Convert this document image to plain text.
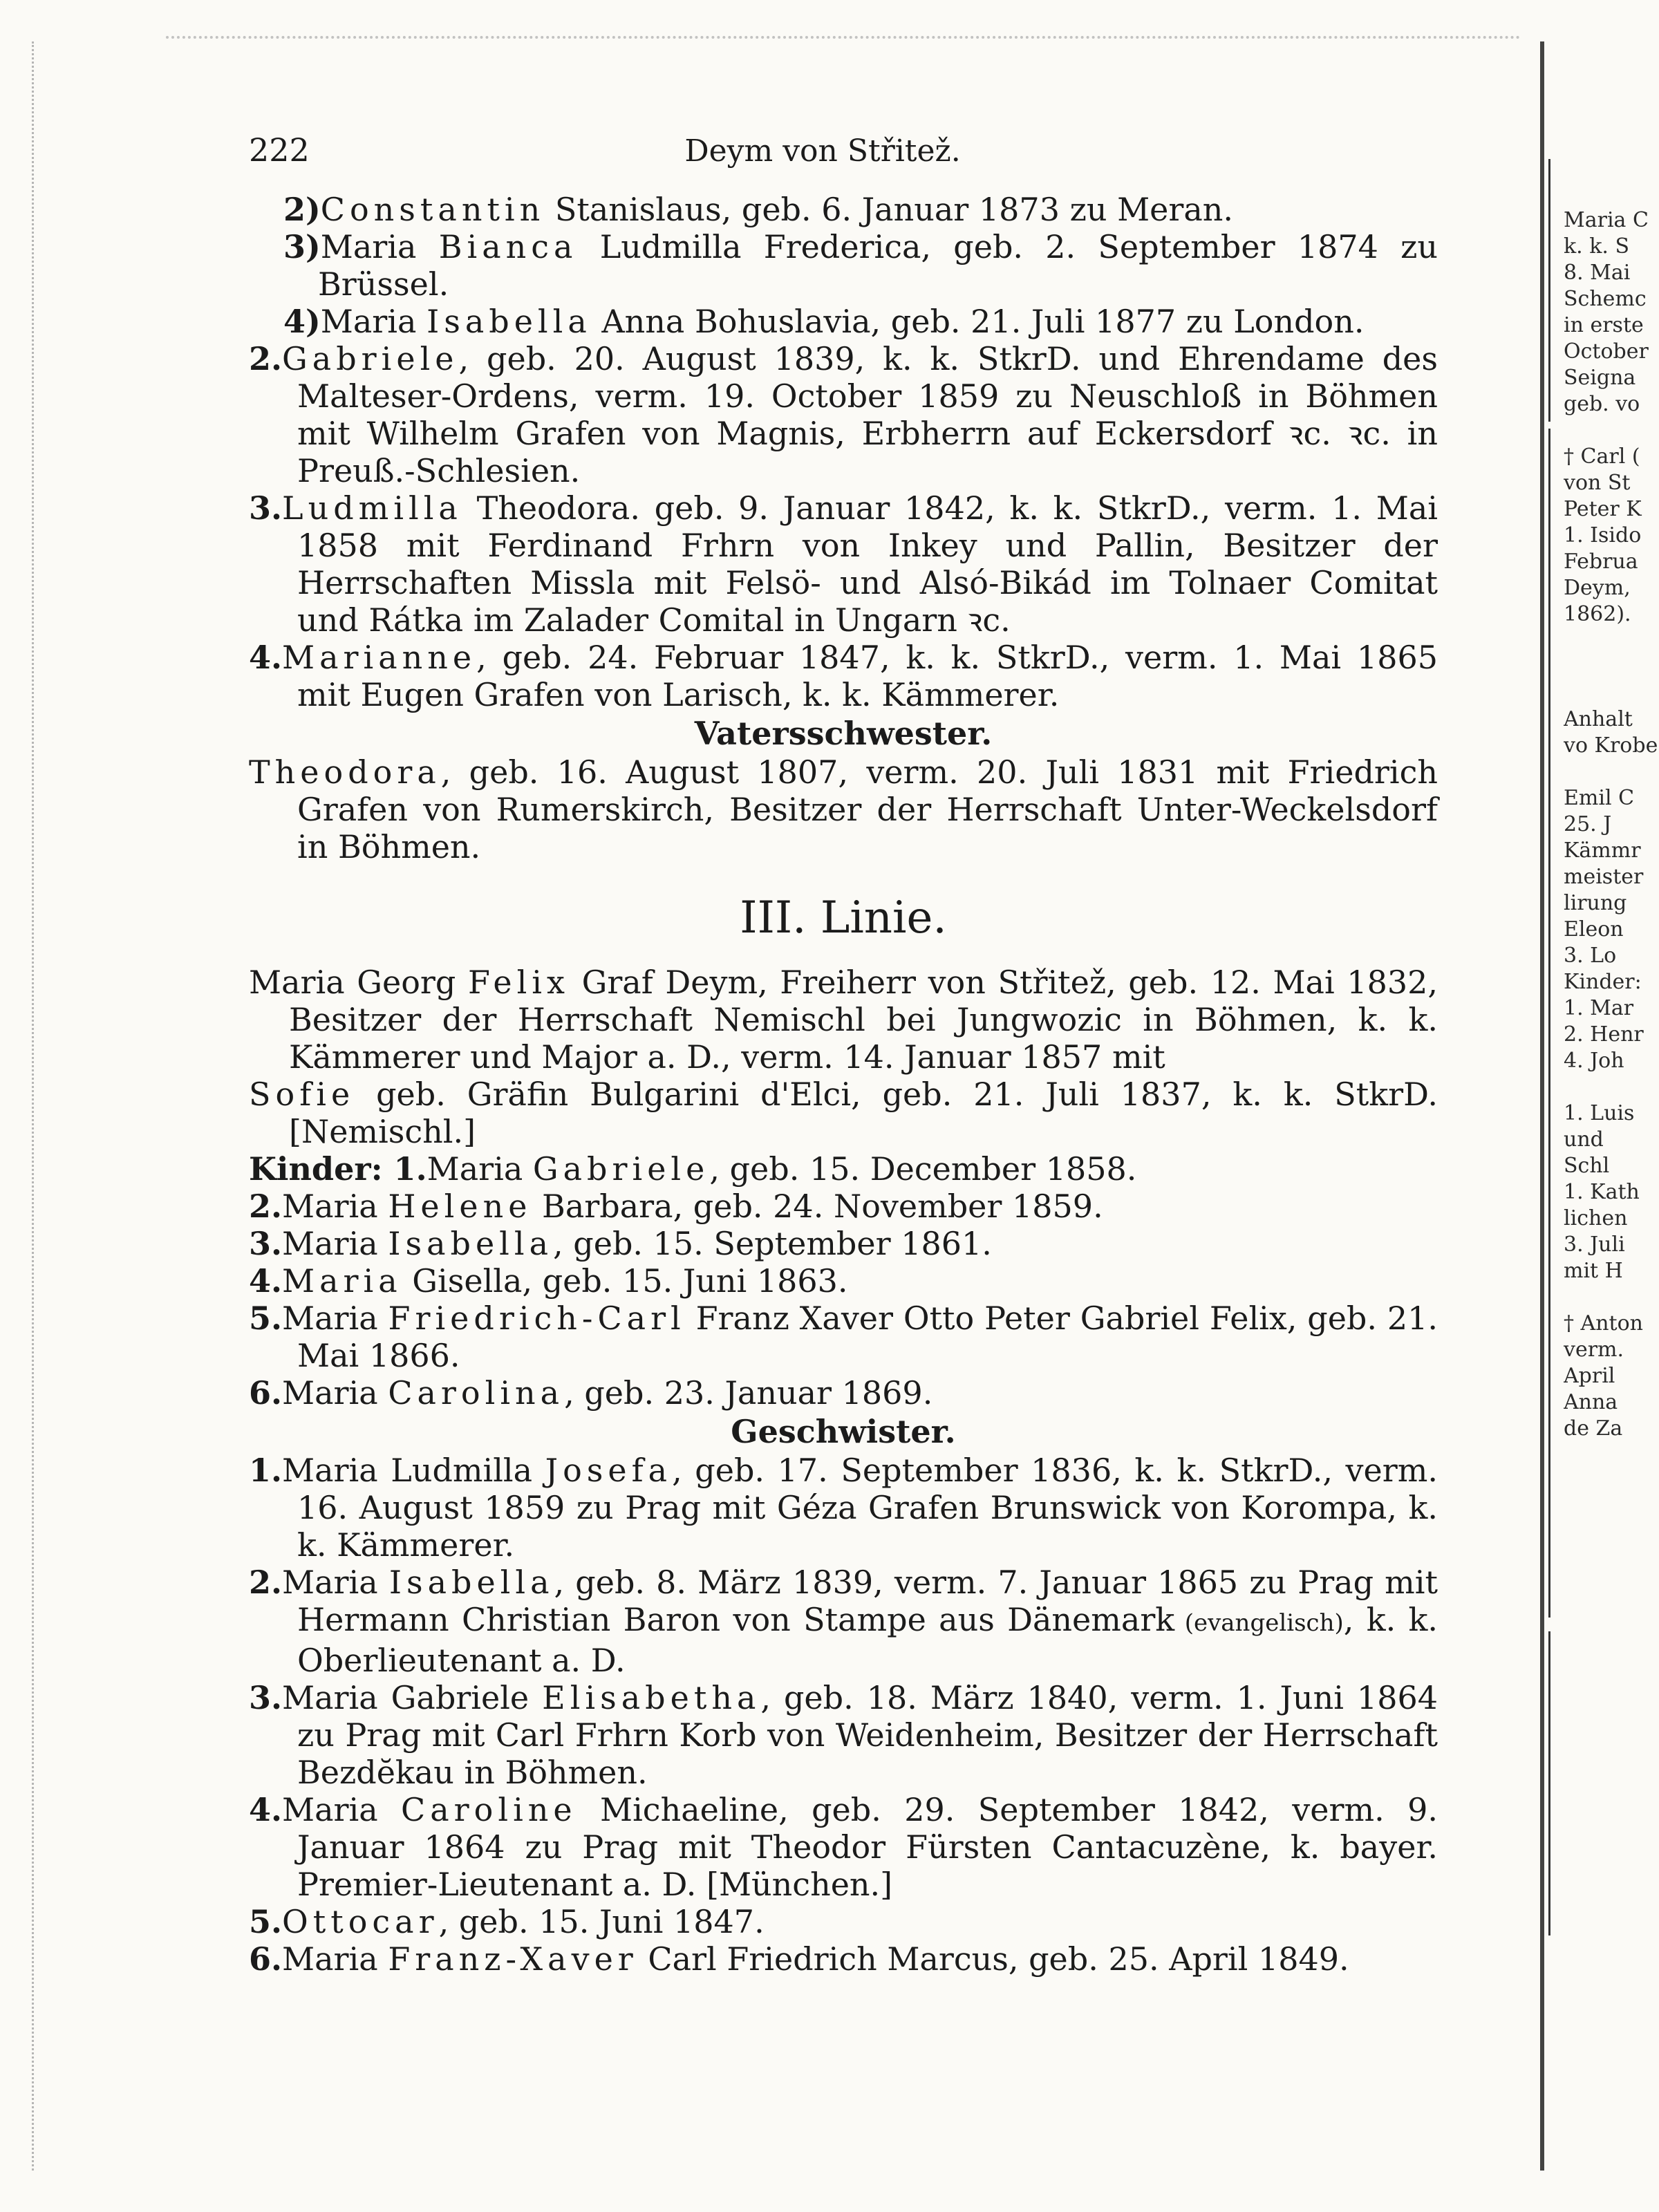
222	Deym von Střitež.

2)Constantin Stanislaus, geb. 6. Januar 1873 zu Meran.

3)Maria Bianca Ludmilla Frederica, geb. 2. September 1874 zu Brüssel.

4)Maria Isabella Anna Bohuslavia, geb. 21. Juli 1877 zu London.

2.Gabriele, geb. 20. August 1839, k. k. StkrD. und Ehrendame des Malteser-Ordens, verm. 19. October 1859 zu Neuschloß in Böhmen mit Wilhelm Grafen von Magnis, Erbherrn auf Eckersdorf ꝛc. ꝛc. in Preuß.-Schlesien.

3.Ludmilla Theodora. geb. 9. Januar 1842, k. k. StkrD., verm. 1. Mai 1858 mit Ferdinand Frhrn von Inkey und Pallin, Besitzer der Herrschaften Missla mit Felsö- und Alsó-Bikád im Tolnaer Comitat und Rátka im Zalader Comital in Ungarn ꝛc.

4.Marianne, geb. 24. Februar 1847, k. k. StkrD., verm. 1. Mai 1865 mit Eugen Grafen von Larisch, k. k. Kämmerer.

Vatersschwester.

Theodora, geb. 16. August 1807, verm. 20. Juli 1831 mit Friedrich Grafen von Rumerskirch, Besitzer der Herrschaft Unter-Weckelsdorf in Böhmen.

III. Linie.

Maria Georg Felix Graf Deym, Freiherr von Střitež, geb. 12. Mai 1832, Besitzer der Herrschaft Nemischl bei Jungwozic in Böhmen, k. k. Kämmerer und Major a. D., verm. 14. Januar 1857 mit

Sofie geb. Gräfin Bulgarini d'Elci, geb. 21. Juli 1837, k. k. StkrD. [Nemischl.]

Kinder: 1.Maria Gabriele, geb. 15. December 1858.

2.Maria Helene Barbara, geb. 24. November 1859.

3.Maria Isabella, geb. 15. September 1861.

4.Maria Gisella, geb. 15. Juni 1863.

5.Maria Friedrich-Carl Franz Xaver Otto Peter Gabriel Felix, geb. 21. Mai 1866.

6.Maria Carolina, geb. 23. Januar 1869.

Geschwister.

1.Maria Ludmilla Josefa, geb. 17. September 1836, k. k. StkrD., verm. 16. August 1859 zu Prag mit Géza Grafen Brunswick von Korompa, k. k. Kämmerer.

2.Maria Isabella, geb. 8. März 1839, verm. 7. Januar 1865 zu Prag mit Hermann Christian Baron von Stampe aus Dänemark (evangelisch), k. k. Oberlieutenant a. D.

3.Maria Gabriele Elisabetha, geb. 18. März 1840, verm. 1. Juni 1864 zu Prag mit Carl Frhrn Korb von Weidenheim, Besitzer der Herrschaft Bezdĕkau in Böhmen.

4.Maria Caroline Michaeline, geb. 29. September 1842, verm. 9. Januar 1864 zu Prag mit Theodor Fürsten Cantacuzène, k. bayer. Premier-Lieutenant a. D. [München.]

5.Ottocar, geb. 15. Juni 1847.

6.Maria Franz-Xaver Carl Friedrich Marcus, geb. 25. April 1849.

Maria C
k. k. S
8. Mai
Schemc
in erste
October
Seigna
geb. vo
† Carl (
von St
Peter K
1. Isido
Februa
Deym,
1862).
Anhalt
vo Krobe
Emil C
25. J
Kämmr
meister
lirung
Eleon
3. Lo
Kinder:
1. Mar
2. Henr
4. Joh
1. Luis
und
Schl
1. Kath
lichen
3. Juli
mit H
† Anton
verm.
April
Anna
de Za
